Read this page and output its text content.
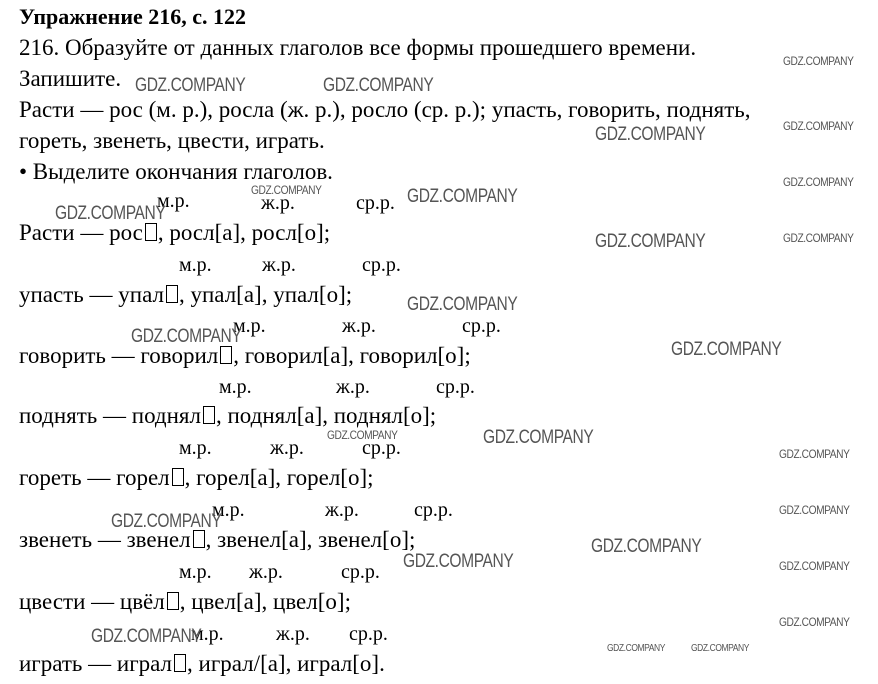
Упражнение 216, с. 122
216. Образуйте от данных глаголов все формы прошедшего времени.
Запишите.
Расти — рос (м. р.), росла (ж. р.), росло (ср. р.); упасть, говорить, поднять,
гореть, звенеть, цвести, играть.
• Выделите окончания глаголов.
м.р.	ж.р.	ср.р.
Расти — рос , росл[а], росл[о];
м.р.	ж.р.	ср.р.
упасть — упал , упал[а], упал[о];
м.р.	ж.р.	ср.р.
говорить — говорил , говорил[а], говорил[о];
м.р.	ж.р.	ср.р.
поднять — поднял , поднял[а], поднял[о];
м.р.	ж.р.	ср.р.
гореть — горел , горел[а], горел[о];
м.р.	ж.р.	ср.р.
звенеть — звенел , звенел[а], звенел[о];
м.р. ж.р.	ср.р.
цвести — цвёл , цвел[а], цвел[о];
м.р.	ж.р. ср.р.
играть — играл , играл/[а], играл[о].
GDZ.COMPANY	GDZ.COMPANY
GDZ.COMPANY
GDZ.COMPANY	GDZ.COMPANY
GDZ.COMPANY
GDZ.COMPANY	GDZ.COMPANY
GDZ.COMPANY
GDZ.COMPANY	GDZ.COMPANY
GDZ.COMPANY
GDZ.COMPANY
GDZ.COMPANY
GDZ.COMPANY	GDZ.COMPANY
GDZ.COMPANY
GDZ.COMPANY
GDZ.COMPANY
GDZ.COMPANY
GDZ.COMPANY	GDZ.COMPANY
GDZ.COMPANY
GDZ.COMPANY
GDZ.COMPANY	GDZ.COMPANY
